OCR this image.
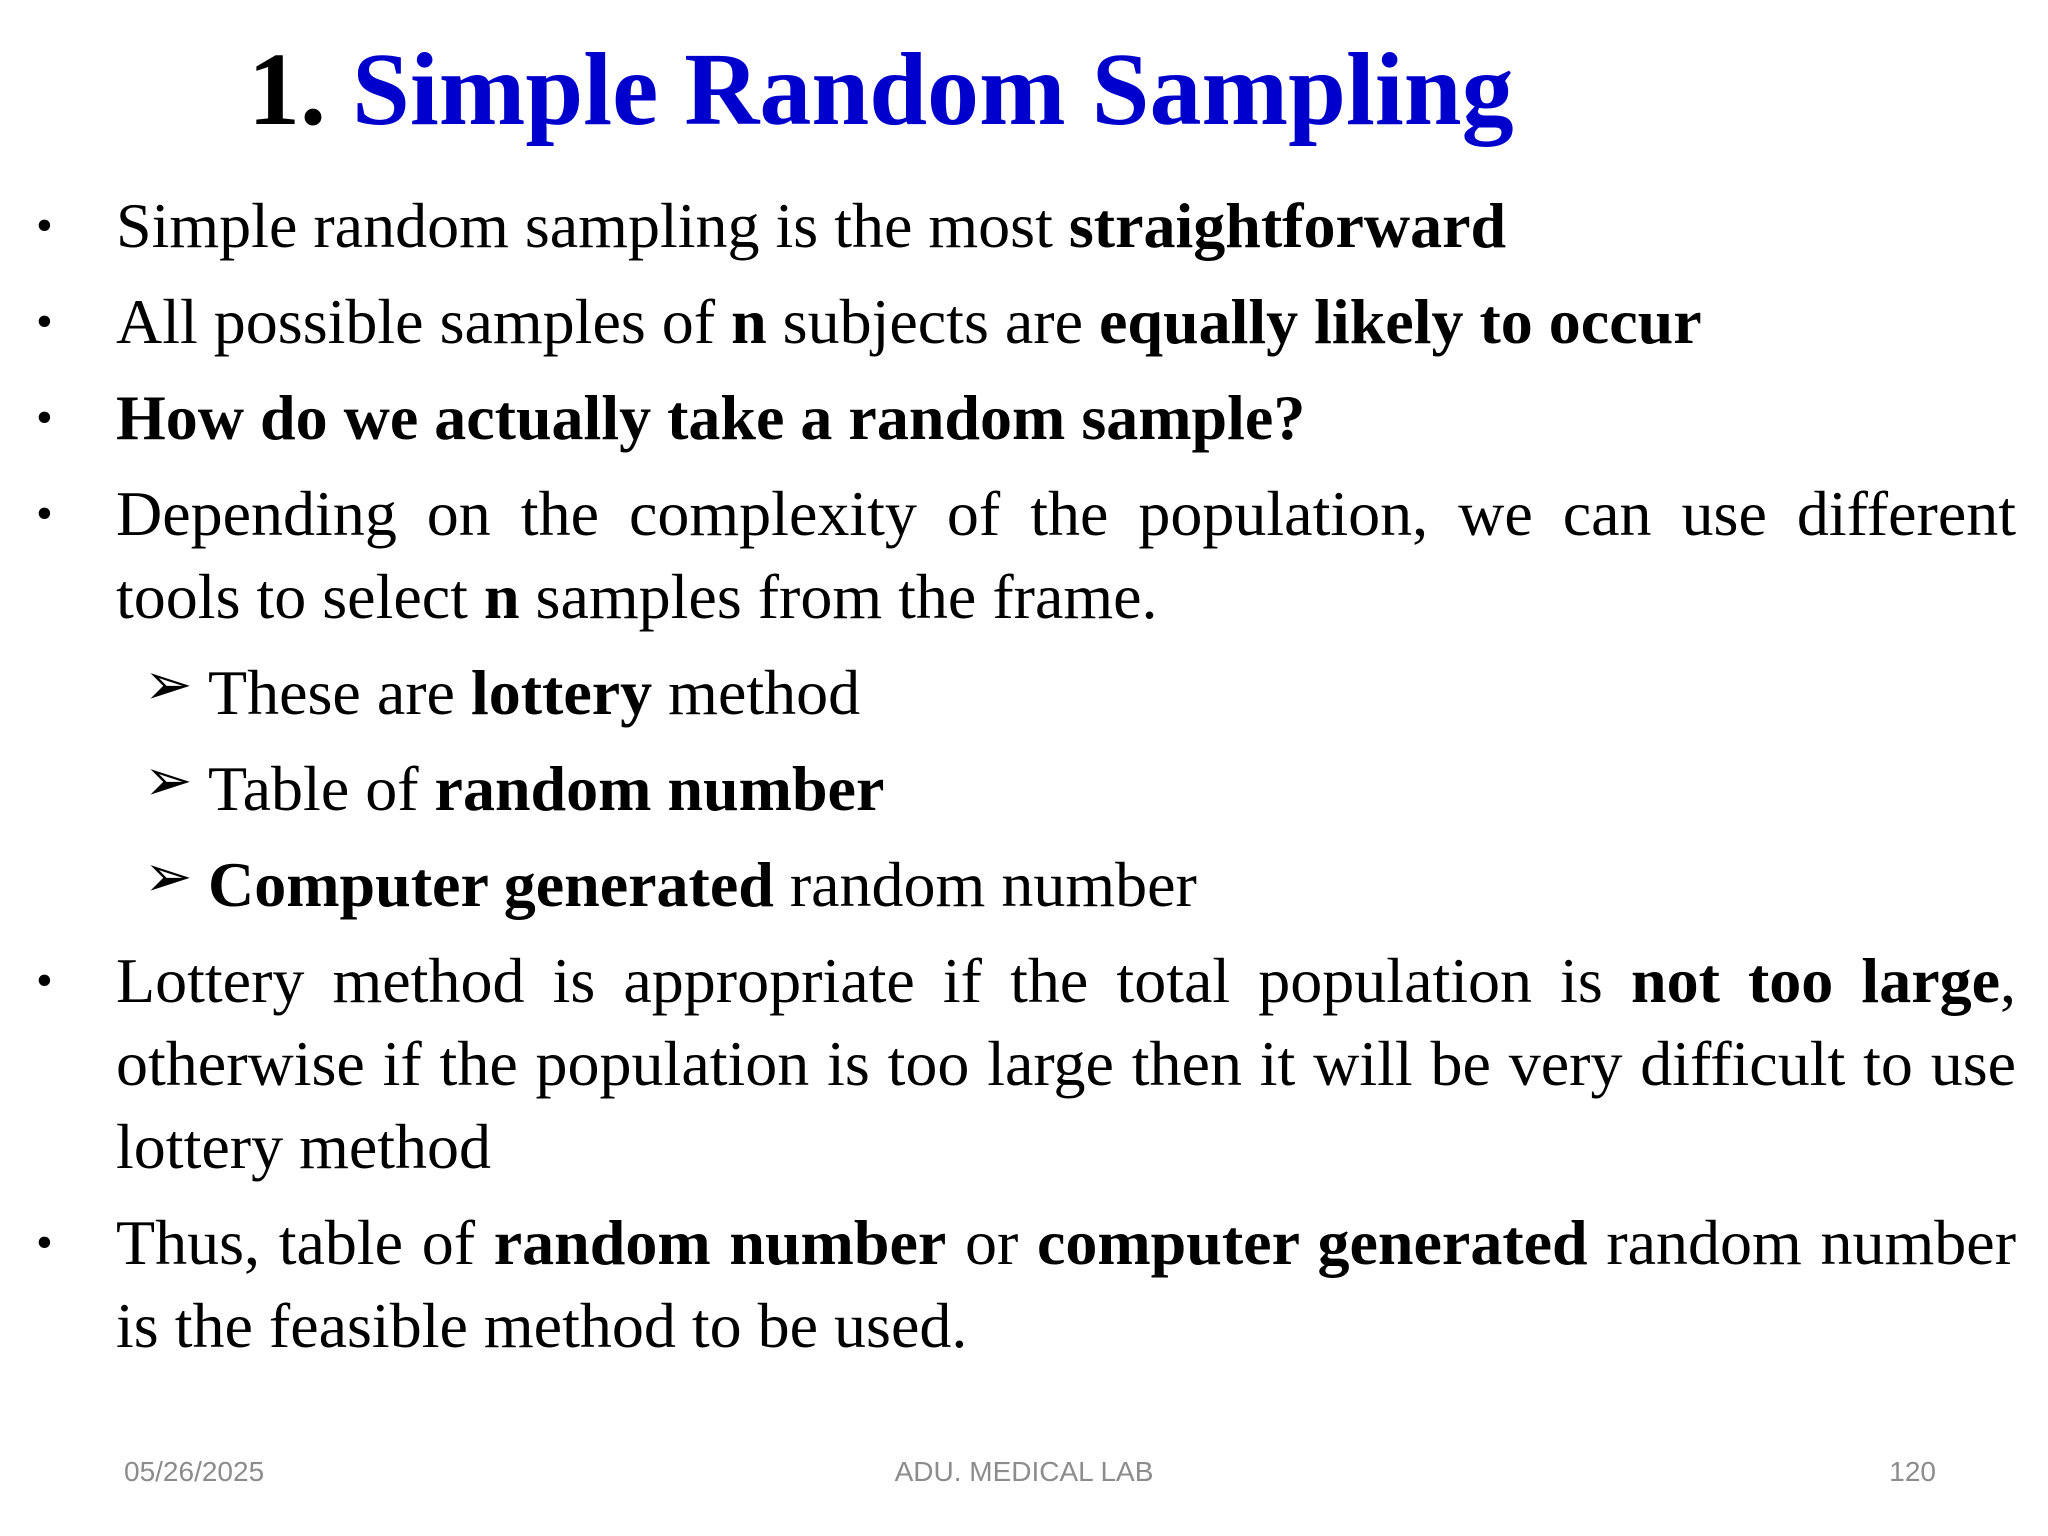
1. Simple Random Sampling
• Simple random sampling is the most straightforward
• All possible samples of n subjects are equally likely to occur
• How do we actually take a random sample?
• Depending on the complexity of the population, we can use different tools to select n samples from the frame.
➢ These are lottery method
➢ Table of random number
➢ Computer generated random number
• Lottery method is appropriate if the total population is not too large, otherwise if the population is too large then it will be very difficult to use lottery method
• Thus, table of random number or computer generated random number is the feasible method to be used.
05/26/2025	ADU. MEDICAL LAB	120
